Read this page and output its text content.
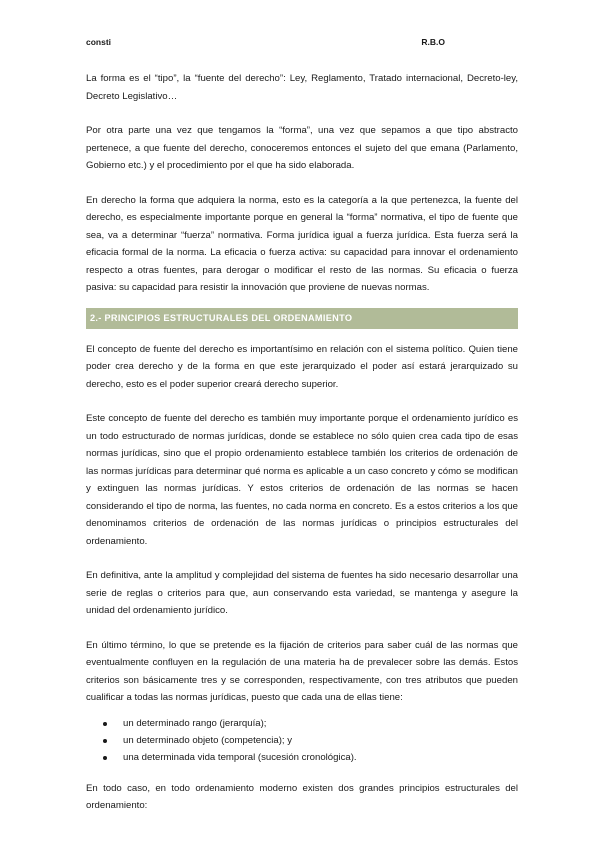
consti	R.B.O

La forma es el “tipo”, la “fuente del derecho”: Ley, Reglamento, Tratado internacional, Decreto-ley, Decreto Legislativo…

Por otra parte una vez que tengamos la “forma”, una vez que sepamos a que tipo abstracto pertenece, a que fuente del derecho, conoceremos entonces el sujeto del que emana (Parlamento, Gobierno etc.) y el procedimiento por el que ha sido elaborada.

En derecho la forma que adquiera la norma, esto es la categoría a la que pertenezca, la fuente del derecho, es especialmente importante porque en general la “forma” normativa, el tipo de fuente que sea, va a determinar “fuerza” normativa. Forma jurídica igual a fuerza jurídica. Esta fuerza será la eficacia formal de la norma. La eficacia o fuerza activa: su capacidad para innovar el ordenamiento respecto a otras fuentes, para derogar o modificar el resto de las normas. Su eficacia o fuerza pasiva: su capacidad para resistir la innovación que proviene de nuevas normas.

2.- PRINCIPIOS ESTRUCTURALES DEL ORDENAMIENTO

El concepto de fuente del derecho es importantísimo en relación con el sistema político. Quien tiene poder crea derecho y de la forma en que este jerarquizado el poder así estará jerarquizado su derecho, esto es el poder superior creará derecho superior.

Este concepto de fuente del derecho es también muy importante porque el ordenamiento jurídico es un todo estructurado de normas jurídicas, donde se establece no sólo quien crea cada tipo de esas normas jurídicas, sino que el propio ordenamiento establece también los criterios de ordenación de las normas jurídicas para determinar qué norma es aplicable a un caso concreto y cómo se modifican y extinguen las normas jurídicas. Y estos criterios de ordenación de las normas se hacen considerando el tipo de norma, las fuentes, no cada norma en concreto. Es a estos criterios a los que denominamos criterios de ordenación de las normas jurídicas o principios estructurales del ordenamiento.

En definitiva, ante la amplitud y complejidad del sistema de fuentes ha sido necesario desarrollar una serie de reglas o criterios para que, aun conservando esta variedad, se mantenga y asegure la unidad del ordenamiento jurídico.

En último término, lo que se pretende es la fijación de criterios para saber cuál de las normas que eventualmente confluyen en la regulación de una materia ha de prevalecer sobre las demás. Estos criterios son básicamente tres y se corresponden, respectivamente, con tres atributos que pueden cualificar a todas las normas jurídicas, puesto que cada una de ellas tiene:

un determinado rango (jerarquía);
un determinado objeto (competencia); y
una determinada vida temporal (sucesión cronológica).

En todo caso, en todo ordenamiento moderno existen dos grandes principios estructurales del ordenamiento:
